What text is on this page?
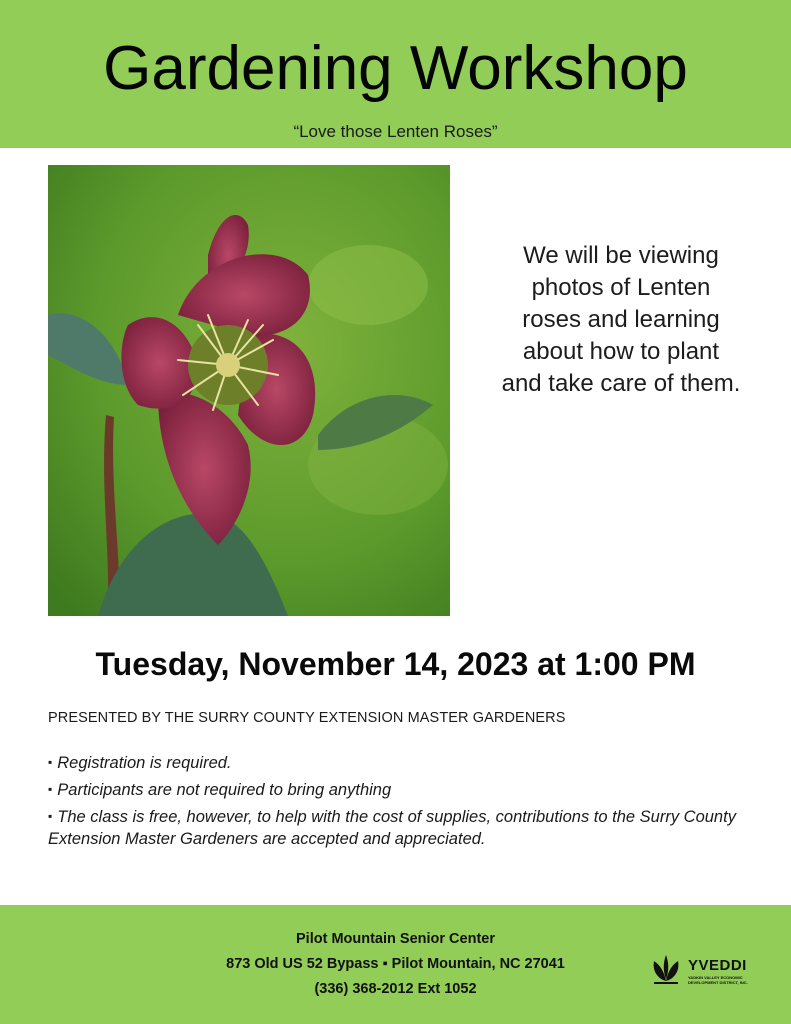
Gardening Workshop
“Love those Lenten Roses”
We will be viewing
photos of Lenten
roses and learning
about how to plant
and take care of them.
Tuesday, November 14, 2023 at 1:00 PM
PRESENTED BY THE SURRY COUNTY EXTENSION MASTER GARDENERS
▪ Registration is required.
▪ Participants are not required to bring anything
▪ The class is free, however, to help with the cost of supplies, contributions to the Surry County Extension Master Gardeners are accepted and appreciated.
Pilot Mountain Senior Center
873 Old US 52 Bypass ▪ Pilot Mountain, NC 27041
(336) 368-2012 Ext 1052
YVEDDI
YADKIN VALLEY ECONOMIC DEVELOPMENT DISTRICT, INC.
